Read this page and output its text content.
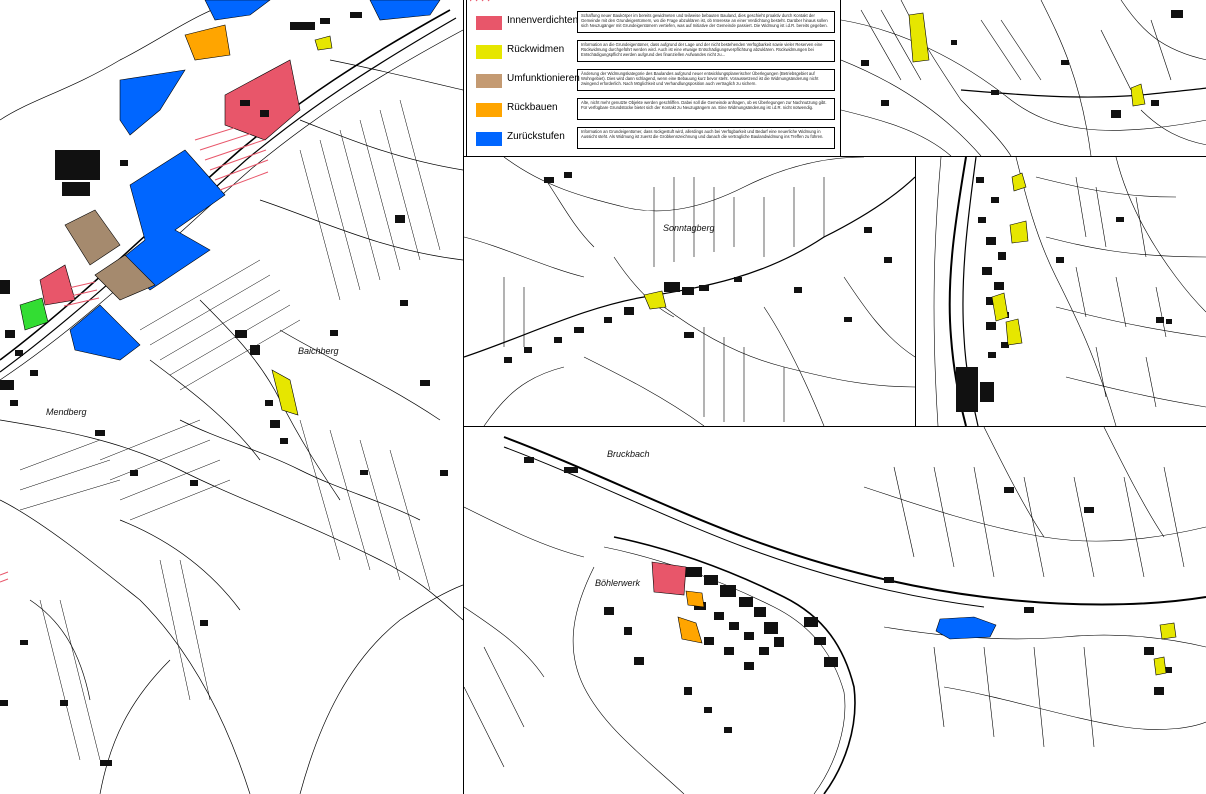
Mendberg
Baichberg
Innenverdichten Schaffung neuer Baukörper im bereits gewidmeten und teilweise bebauten Bauland, dies geschieht proaktiv durch Kontakt der Gemeinde mit den Grundeigentümern, wo die Frage abzuklären ist, ob Interesse an einer Verdichtung besteht. Darüber hinaus sollen sich Neuzugänger mit Grundeigentümern vertiefen, was auf Initiative der Gemeinde passiert. Die Widmung ist i.d.R. bereits gegeben.
Rückwidmen	Information an die Grundeigentümer, dass aufgrund der Lage und der nicht bestehenden Verfügbarkeit sowie vieler Reserven eine Rückwidmung durchgeführt werden wird. Auch ist eine etwaige Entschädigungsverpflichtung abzuklären. Rückwidmungen bei Entschädigungspflicht werden aufgrund des finanziellen Aufwandes nicht zu...
Umfunktionieren Änderung der Widmungskategorie des Baulandes aufgrund neuer entwicklungsplanerischer Überlegungen (Betriebsgebiet auf Wohngebiet). Dies wird dann schlagend, wenn eine Bebauung kurz bevor steht. Voraussetzend ist die Widmungsänderung nicht zwingend erforderlich. Nach Möglichkeit und Verhandlungsposition auch vertraglich zu sichern.
Rückbauen	Alte, nicht mehr genutzte Objekte werden geschliffen. Dabei soll die Gemeinde anfragen, ob es Überlegungen zur Nachnutzung gibt. Für verfügbare Grundstücke bietet sich der Kontakt zu Neuzugängern an. Eine Widmungsänderung ist i.d.R. nicht notwendig.
Zurückstufen	Information an Grundeigentümer, dass rückgestuft wird, allerdings auch bei Verfügbarkeit und Bedarf eine neuerliche Widmung in Aussicht steht. Als Widmung ist zuerst die Grobkennzeichnung und danach die vertragliche Baulandwidmung ins Treffen zu führen.
Sonntagberg
Bruckbach
Böhlerwerk
